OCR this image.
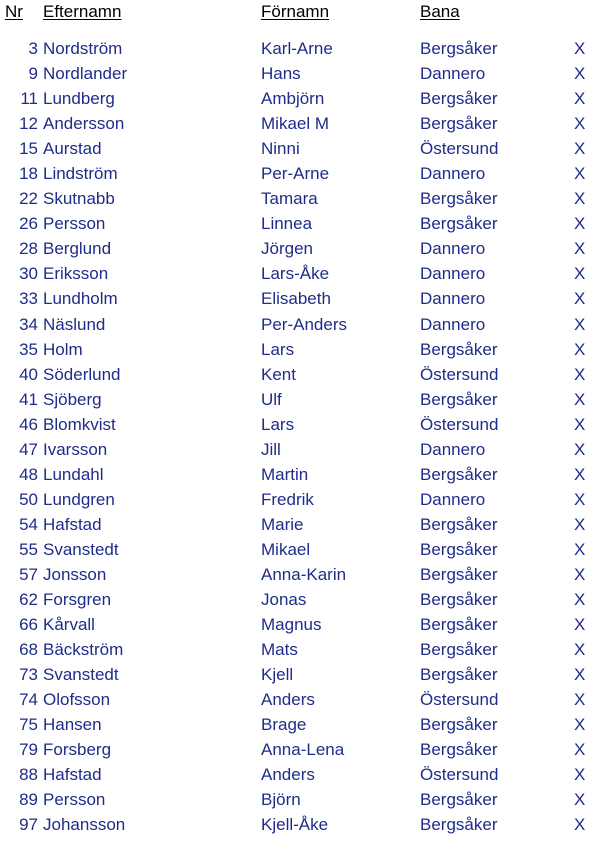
Nr	Efternamn	Förnamn	Bana
3 Nordström	Karl-Arne	Bergsåker	X
9 Nordlander	Hans	Dannero	X
11 Lundberg	Ambjörn	Bergsåker	X
12 Andersson	Mikael M	Bergsåker	X
15 Aurstad	Ninni	Östersund	X
18 Lindström	Per-Arne	Dannero	X
22 Skutnabb	Tamara	Bergsåker	X
26 Persson	Linnea	Bergsåker	X
28 Berglund	Jörgen	Dannero	X
30 Eriksson	Lars-Åke	Dannero	X
33 Lundholm	Elisabeth	Dannero	X
34 Näslund	Per-Anders	Dannero	X
35 Holm	Lars	Bergsåker	X
40 Söderlund	Kent	Östersund	X
41 Sjöberg	Ulf	Bergsåker	X
46 Blomkvist	Lars	Östersund	X
47 Ivarsson	Jill	Dannero	X
48 Lundahl	Martin	Bergsåker	X
50 Lundgren	Fredrik	Dannero	X
54 Hafstad	Marie	Bergsåker	X
55 Svanstedt	Mikael	Bergsåker	X
57 Jonsson	Anna-Karin	Bergsåker	X
62 Forsgren	Jonas	Bergsåker	X
66 Kårvall	Magnus	Bergsåker	X
68 Bäckström	Mats	Bergsåker	X
73 Svanstedt	Kjell	Bergsåker	X
74 Olofsson	Anders	Östersund	X
75 Hansen	Brage	Bergsåker	X
79 Forsberg	Anna-Lena	Bergsåker	X
88 Hafstad	Anders	Östersund	X
89 Persson	Björn	Bergsåker	X
97 Johansson	Kjell-Åke	Bergsåker	X
